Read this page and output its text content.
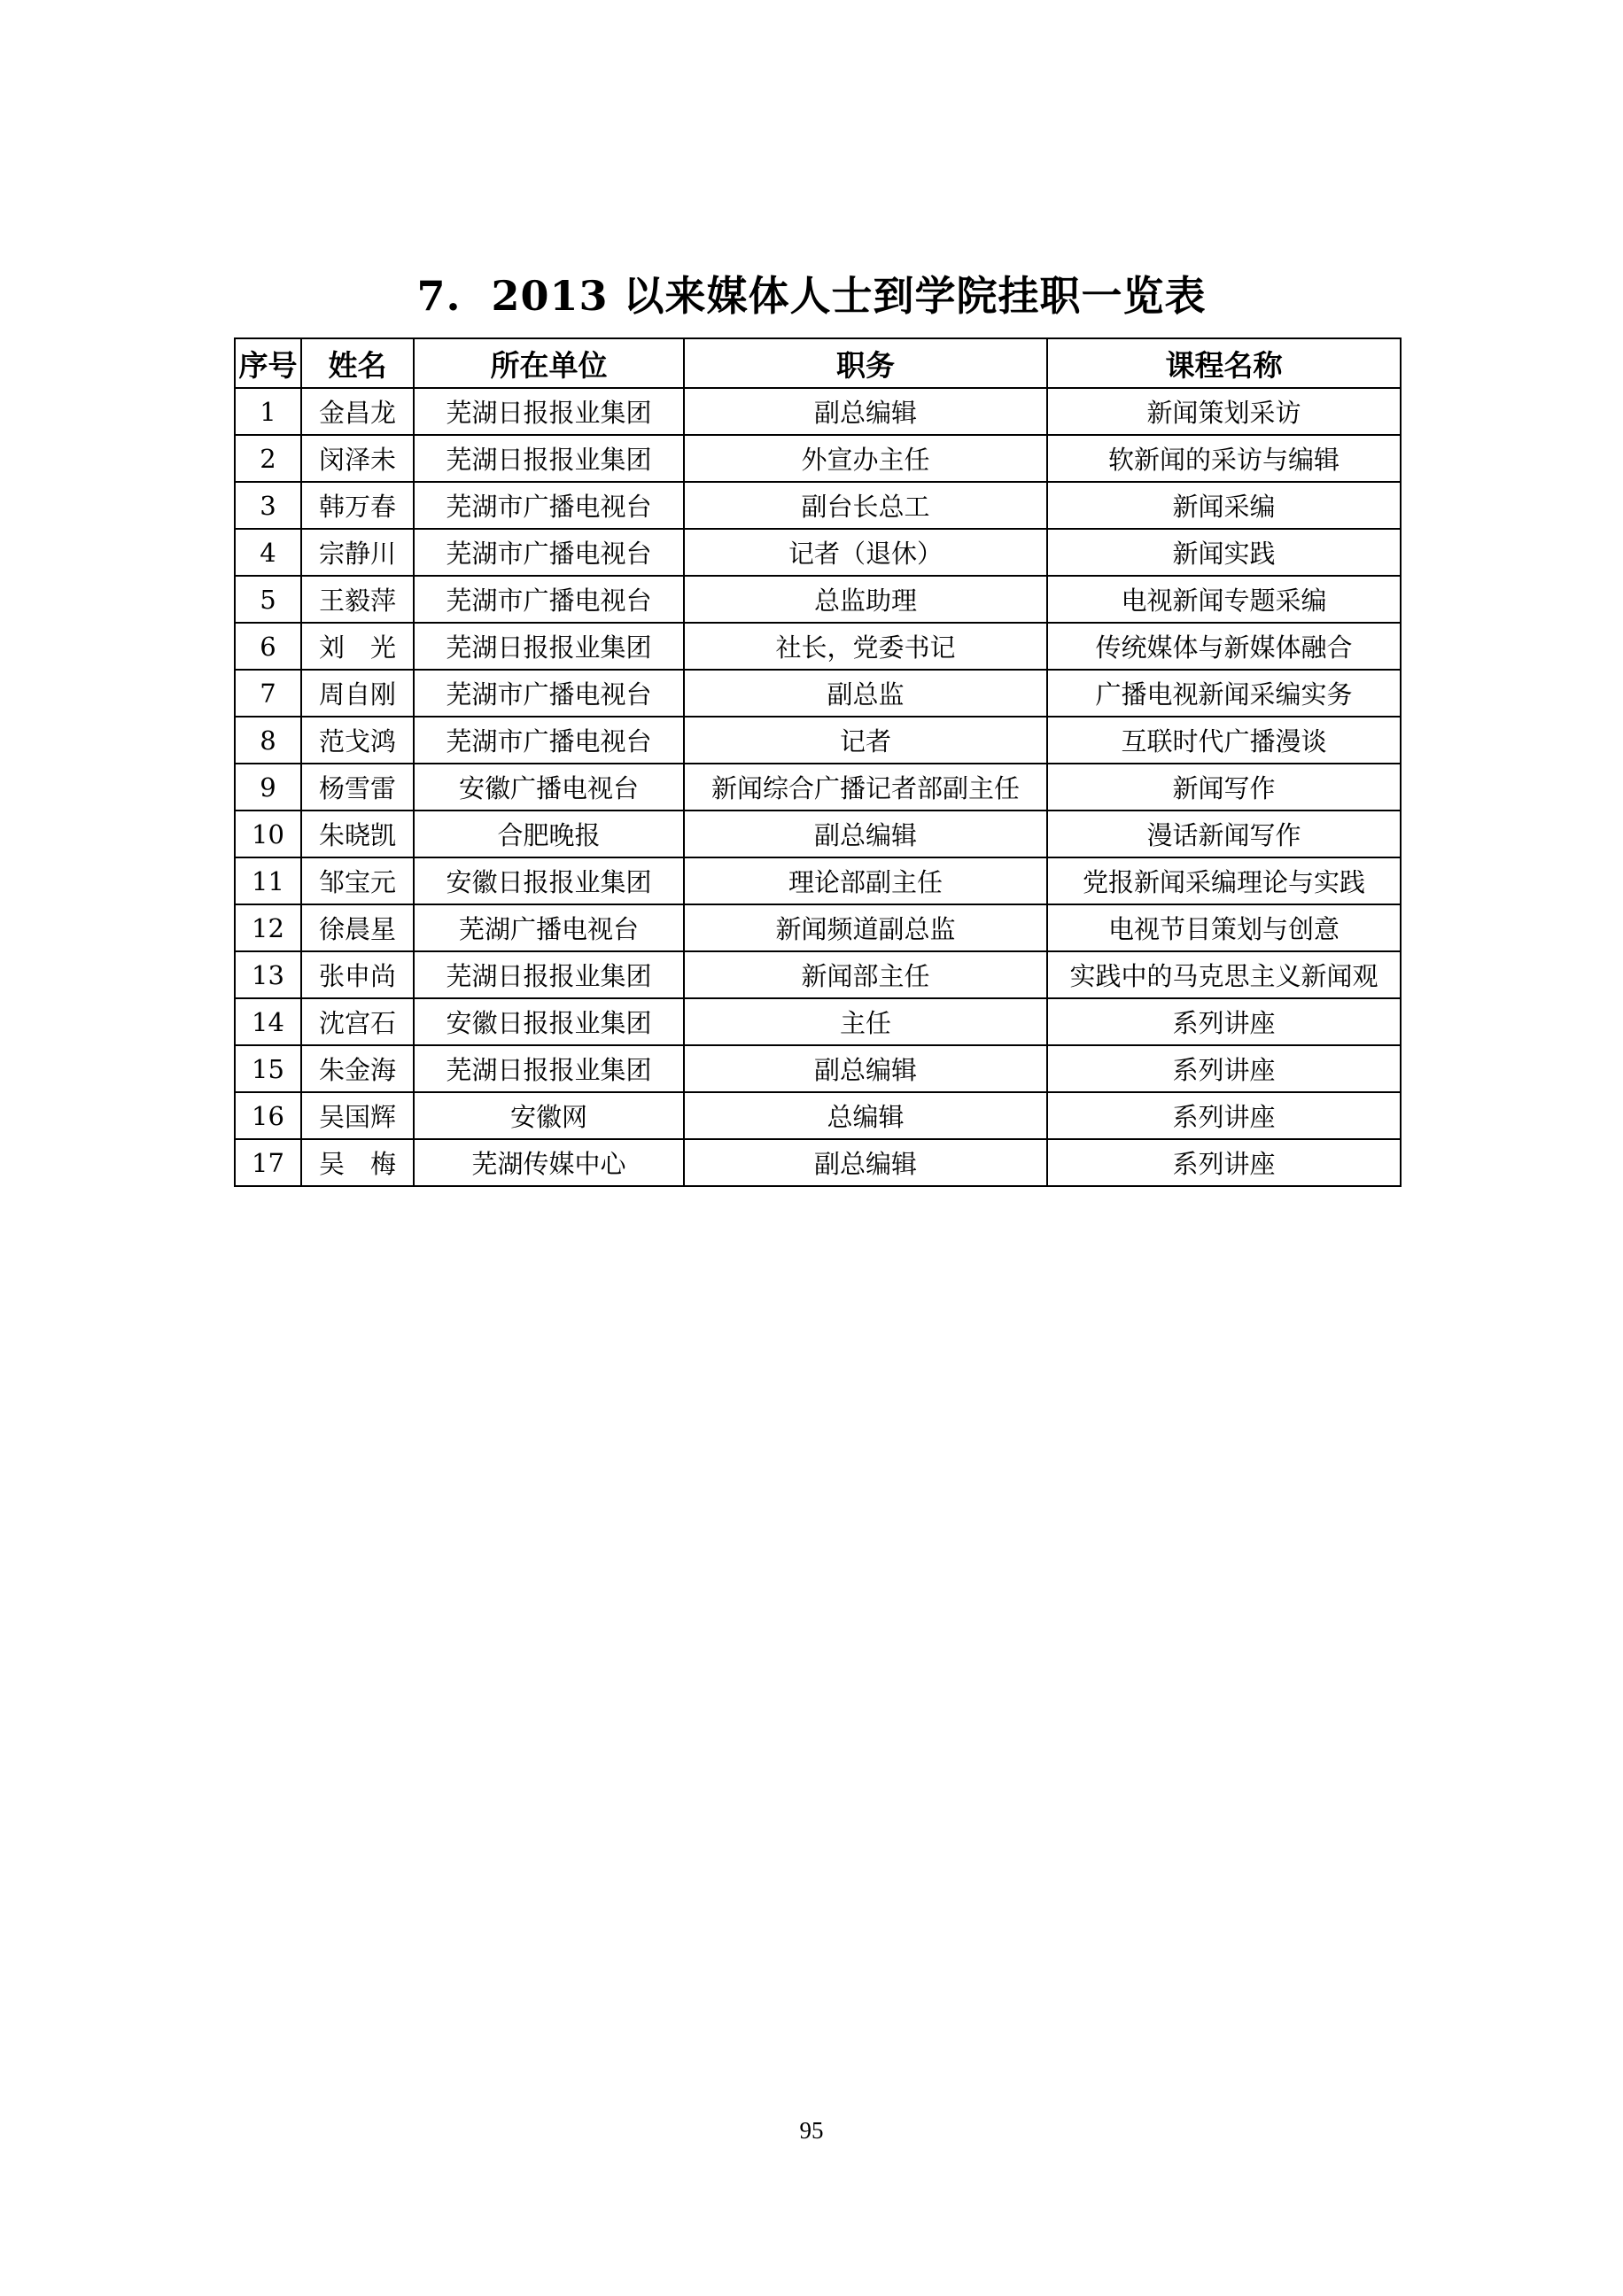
7. 2013 以来媒体人士到学院挂职一览表
序号	姓名	所在单位	职务	课程名称
1	金昌龙	芜湖日报报业集团	副总编辑	新闻策划采访
2	闵泽未	芜湖日报报业集团	外宣办主任	软新闻的采访与编辑
3	韩万春	芜湖市广播电视台	副台长总工	新闻采编
4	宗静川	芜湖市广播电视台	记者（退休）	新闻实践
5	王毅萍	芜湖市广播电视台	总监助理	电视新闻专题采编
6	刘　光	芜湖日报报业集团	社长，党委书记	传统媒体与新媒体融合
7	周自刚	芜湖市广播电视台	副总监	广播电视新闻采编实务
8	范戈鸿	芜湖市广播电视台	记者	互联时代广播漫谈
9	杨雪雷	安徽广播电视台	新闻综合广播记者部副主任	新闻写作
10	朱晓凯	合肥晚报	副总编辑	漫话新闻写作
11	邹宝元	安徽日报报业集团	理论部副主任	党报新闻采编理论与实践
12	徐晨星	芜湖广播电视台	新闻频道副总监	电视节目策划与创意
13	张申尚	芜湖日报报业集团	新闻部主任	实践中的马克思主义新闻观
14	沈宫石	安徽日报报业集团	主任	系列讲座
15	朱金海	芜湖日报报业集团	副总编辑	系列讲座
16	吴国辉	安徽网	总编辑	系列讲座
17	吴　梅	芜湖传媒中心	副总编辑	系列讲座
95
